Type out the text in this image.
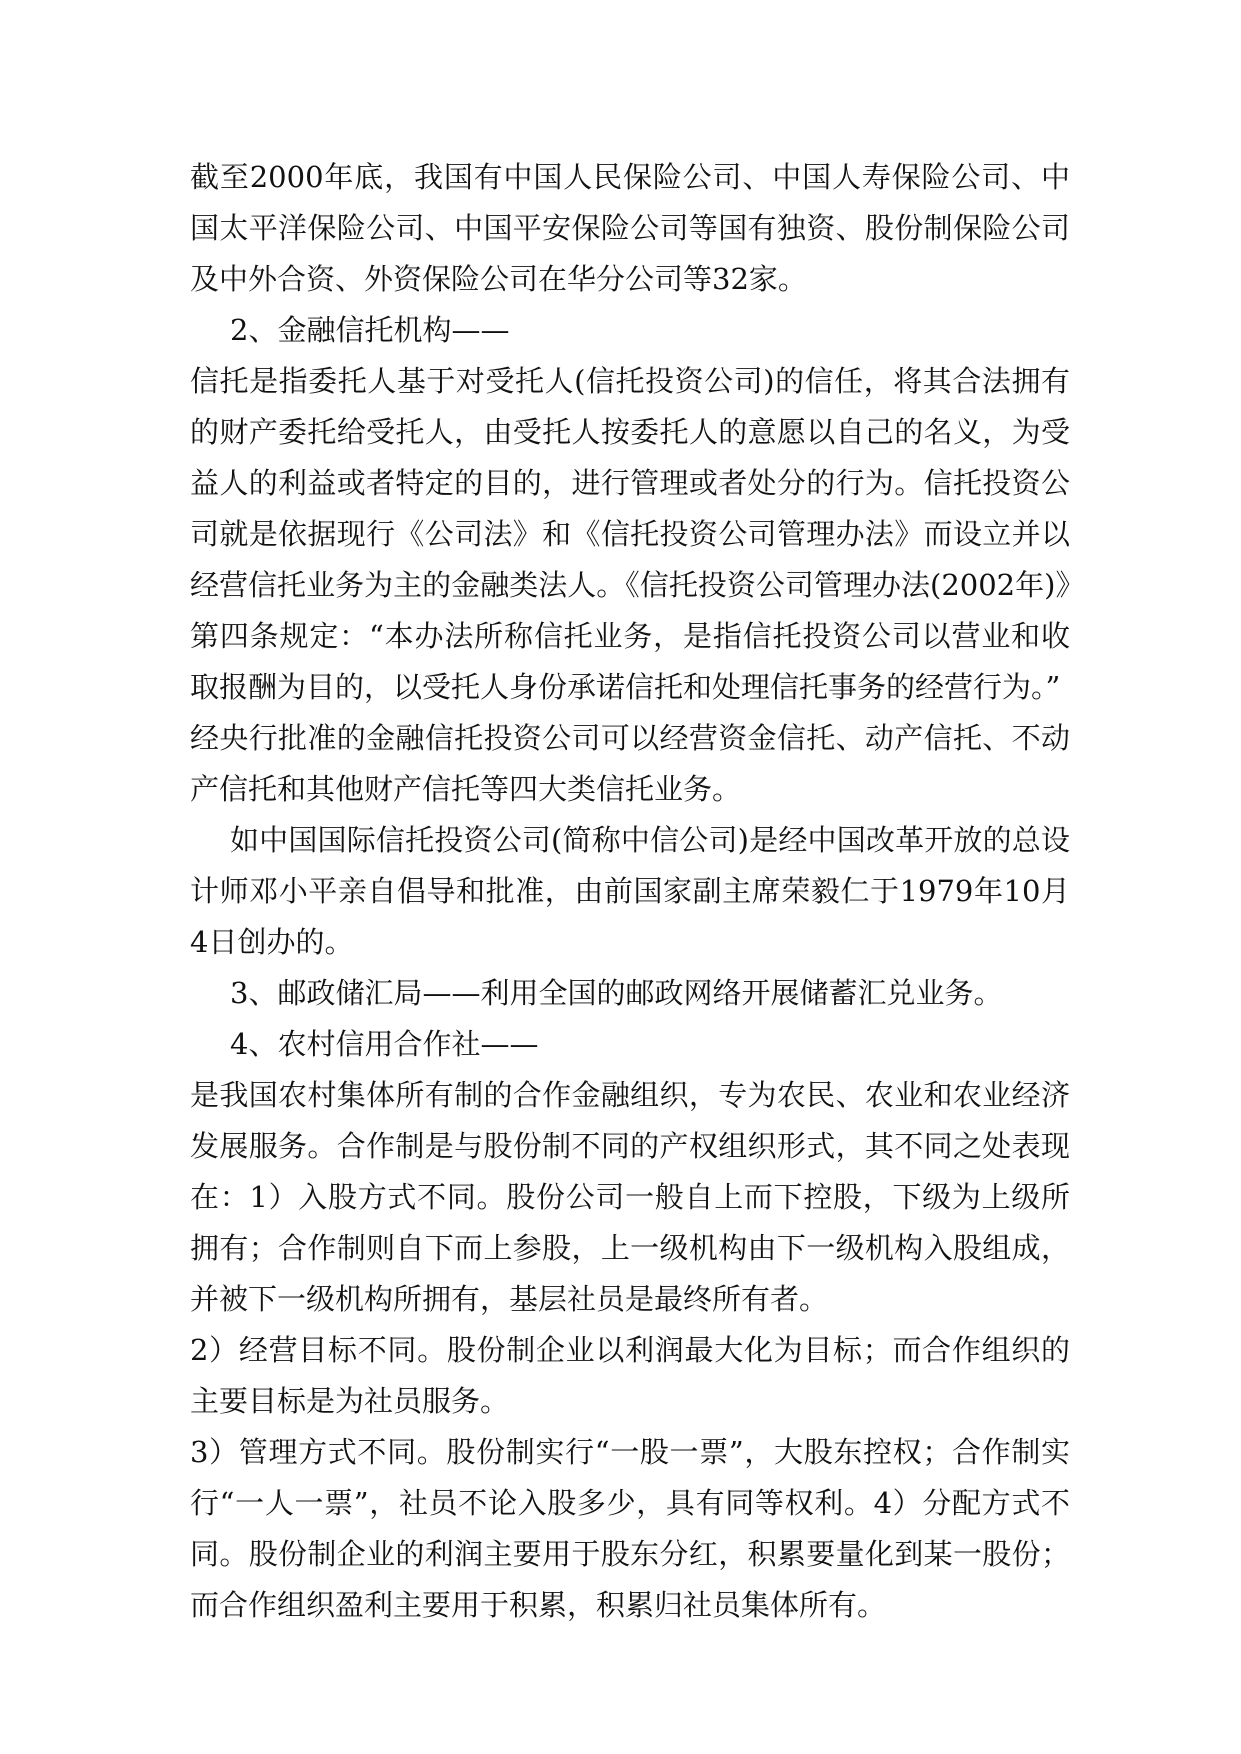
截至2000年底，我国有中国人民保险公司、中国人寿保险公司、中国太平洋保险公司、中国平安保险公司等国有独资、股份制保险公司及中外合资、外资保险公司在华分公司等32家。

2、金融信托机构——

信托是指委托人基于对受托人(信托投资公司)的信任，将其合法拥有的财产委托给受托人，由受托人按委托人的意愿以自己的名义，为受益人的利益或者特定的目的，进行管理或者处分的行为。信托投资公司就是依据现行《公司法》和《信托投资公司管理办法》而设立并以经营信托业务为主的金融类法人。《信托投资公司管理办法(2002年)》第四条规定：“本办法所称信托业务，是指信托投资公司以营业和收取报酬为目的，以受托人身份承诺信托和处理信托事务的经营行为。”

经央行批准的金融信托投资公司可以经营资金信托、动产信托、不动产信托和其他财产信托等四大类信托业务。

如中国国际信托投资公司(简称中信公司)是经中国改革开放的总设计师邓小平亲自倡导和批准，由前国家副主席荣毅仁于1979年10月4日创办的。

3、邮政储汇局——利用全国的邮政网络开展储蓄汇兑业务。

4、农村信用合作社——

是我国农村集体所有制的合作金融组织，专为农民、农业和农业经济发展服务。合作制是与股份制不同的产权组织形式，其不同之处表现在：1）入股方式不同。股份公司一般自上而下控股，下级为上级所拥有；合作制则自下而上参股，上一级机构由下一级机构入股组成，并被下一级机构所拥有，基层社员是最终所有者。

2）经营目标不同。股份制企业以利润最大化为目标；而合作组织的主要目标是为社员服务。

3）管理方式不同。股份制实行“一股一票”，大股东控权；合作制实行“一人一票”，社员不论入股多少，具有同等权利。4）分配方式不同。股份制企业的利润主要用于股东分红，积累要量化到某一股份；而合作组织盈利主要用于积累，积累归社员集体所有。
